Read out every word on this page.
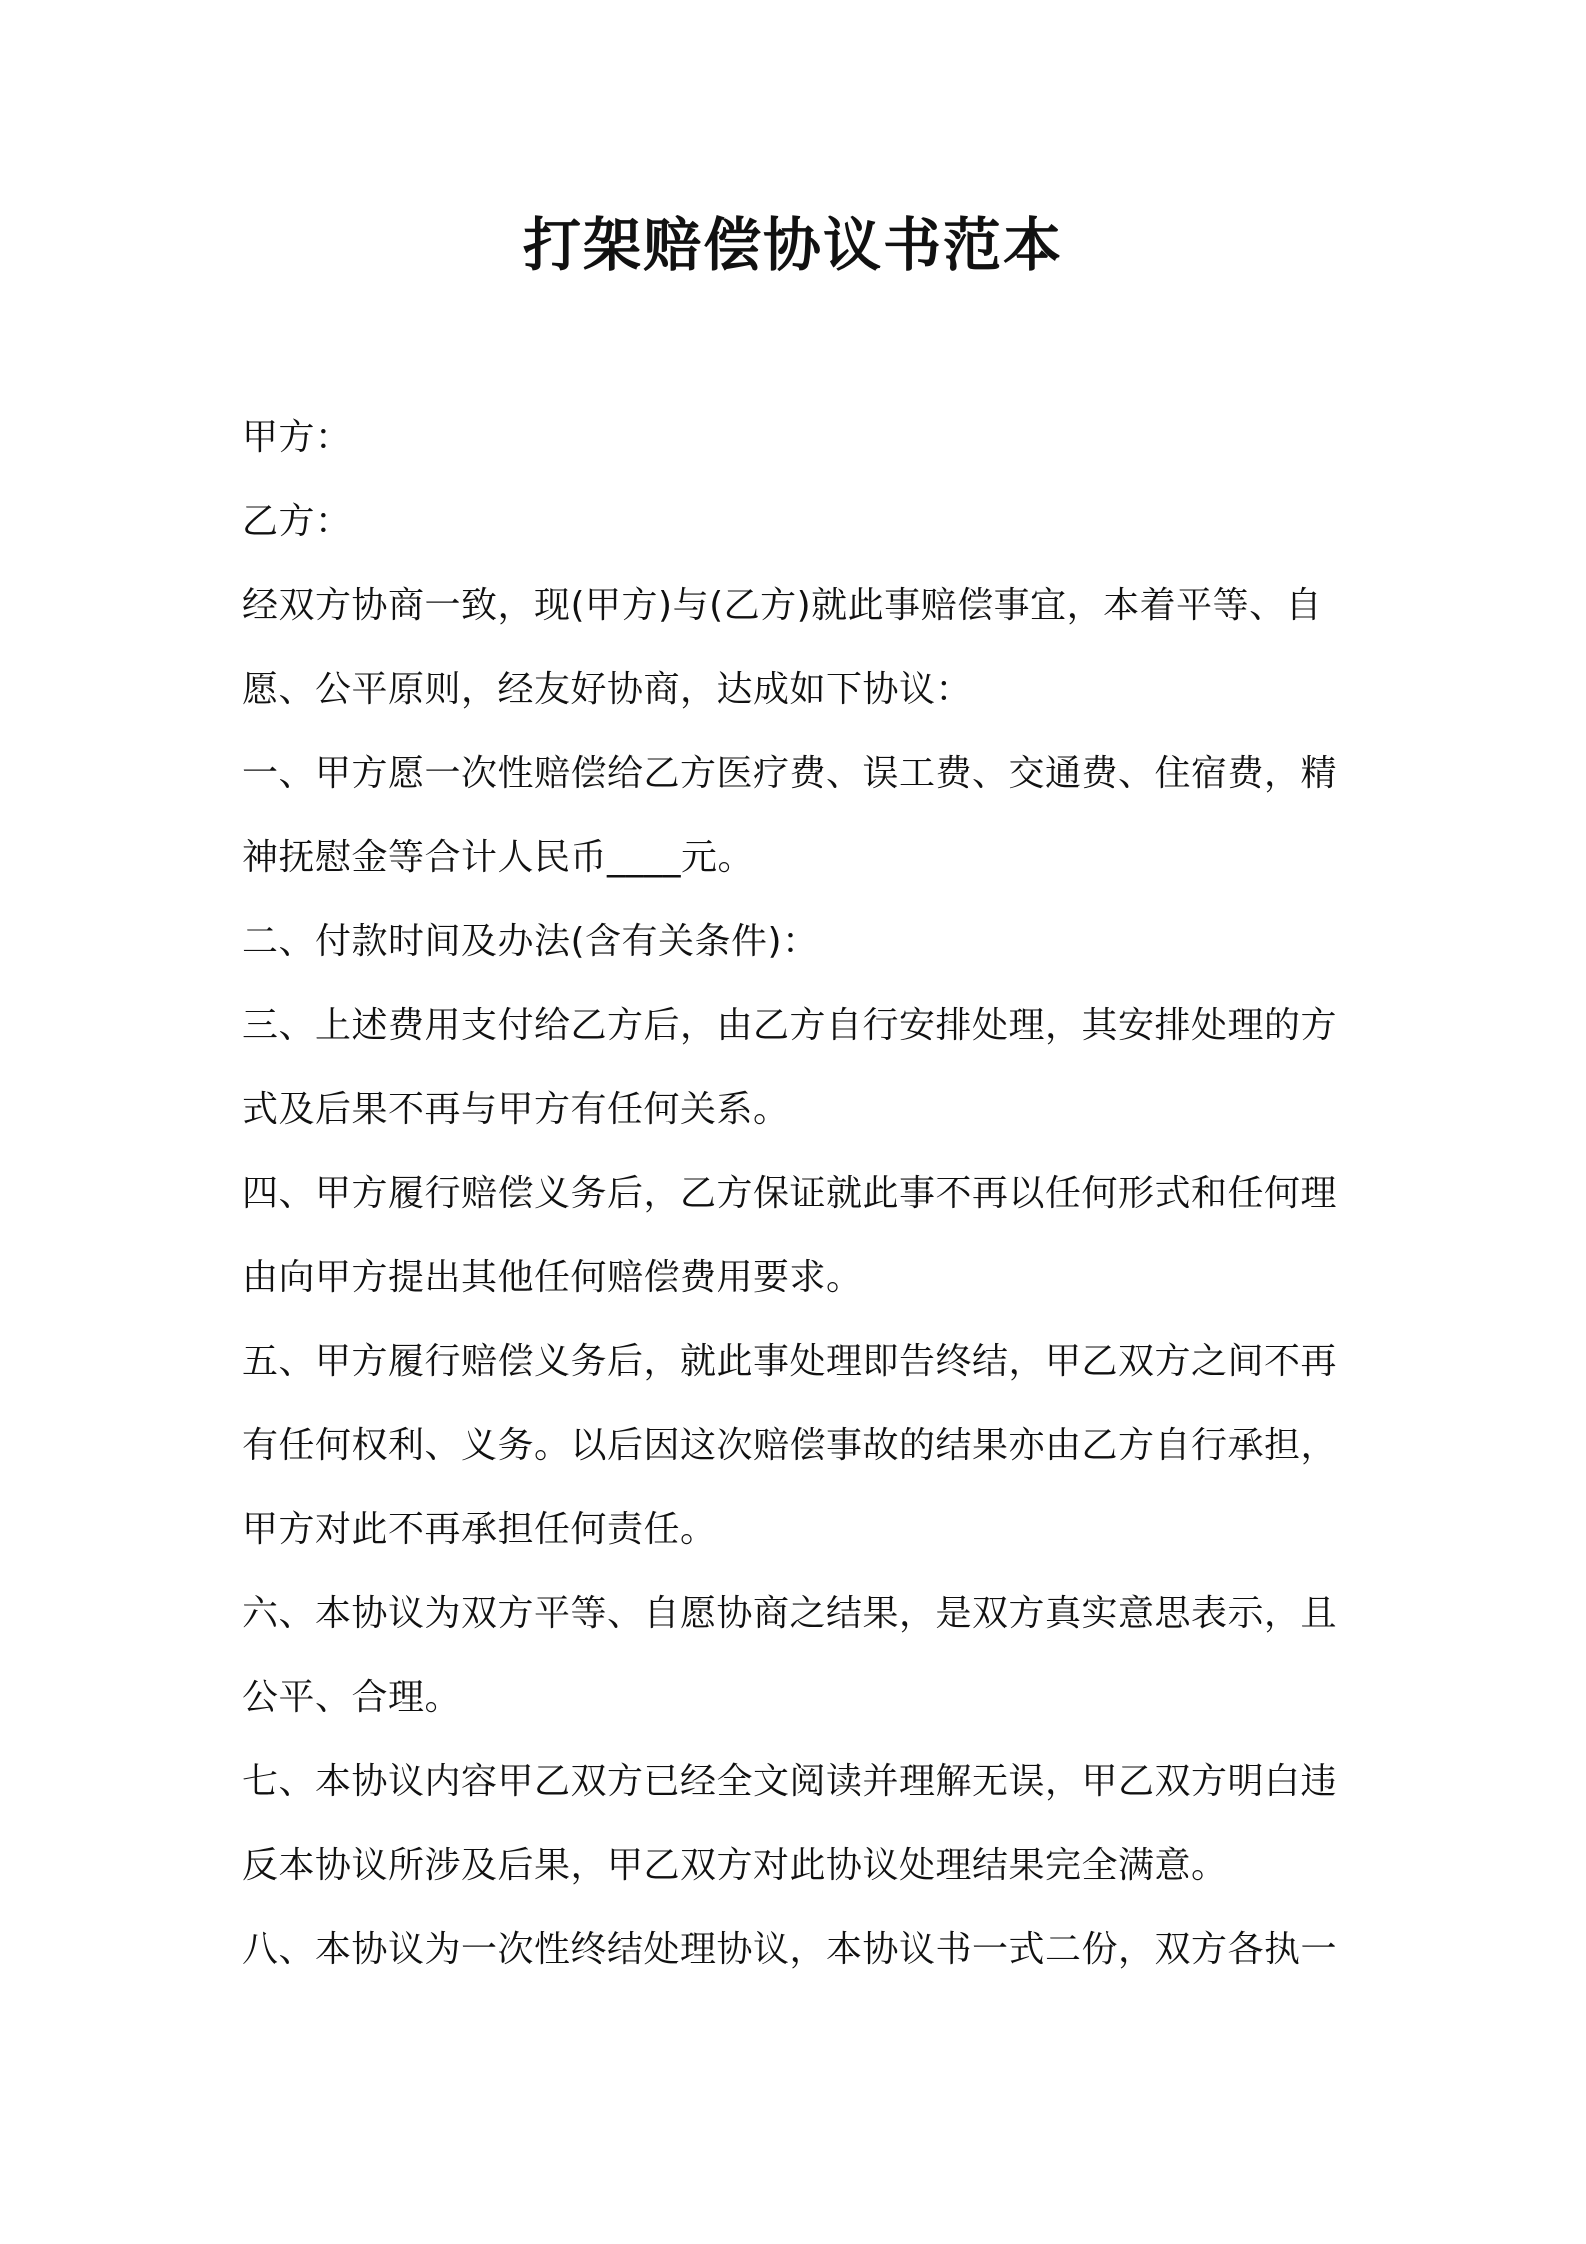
打架赔偿协议书范本
甲方：
乙方：
经双方协商一致，现(甲方)与(乙方)就此事赔偿事宜，本着平等、自
愿、公平原则，经友好协商，达成如下协议：
一、甲方愿一次性赔偿给乙方医疗费、误工费、交通费、住宿费，精
神抚慰金等合计人民币____元。
二、付款时间及办法(含有关条件)：
三、上述费用支付给乙方后，由乙方自行安排处理，其安排处理的方
式及后果不再与甲方有任何关系。
四、甲方履行赔偿义务后，乙方保证就此事不再以任何形式和任何理
由向甲方提出其他任何赔偿费用要求。
五、甲方履行赔偿义务后，就此事处理即告终结，甲乙双方之间不再
有任何权利、义务。以后因这次赔偿事故的结果亦由乙方自行承担，
甲方对此不再承担任何责任。
六、本协议为双方平等、自愿协商之结果，是双方真实意思表示，且
公平、合理。
七、本协议内容甲乙双方已经全文阅读并理解无误，甲乙双方明白违
反本协议所涉及后果，甲乙双方对此协议处理结果完全满意。
八、本协议为一次性终结处理协议，本协议书一式二份，双方各执一
